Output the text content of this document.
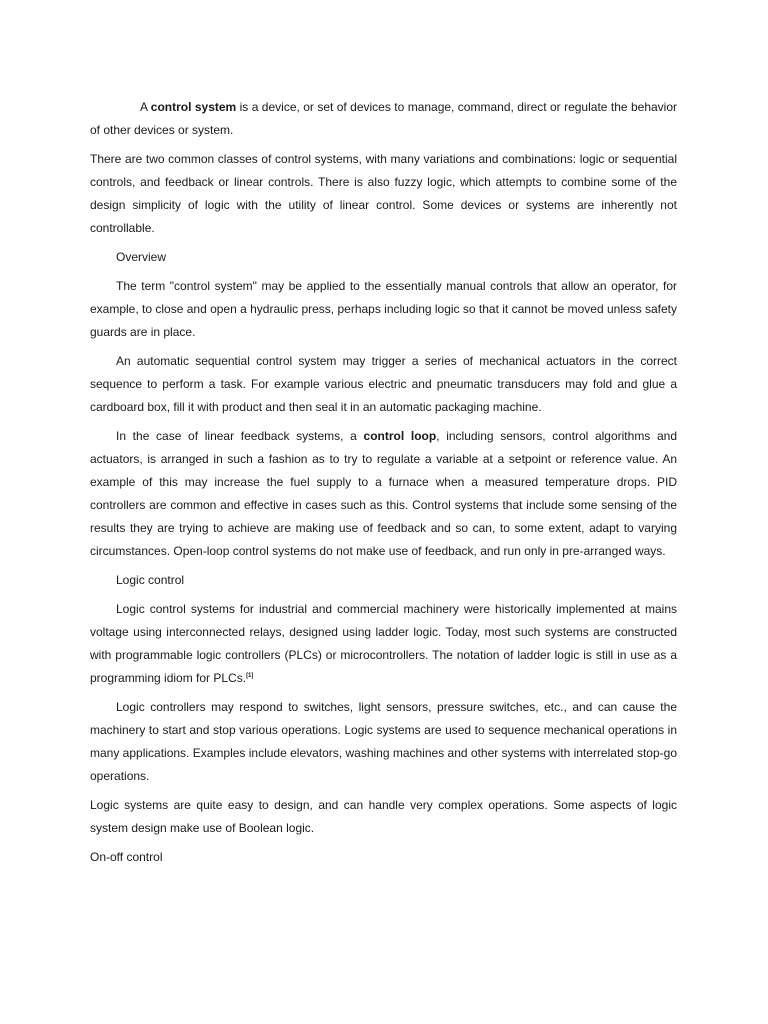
A control system is a device, or set of devices to manage, command, direct or regulate the behavior of other devices or system.

There are two common classes of control systems, with many variations and combinations: logic or sequential controls, and feedback or linear controls. There is also fuzzy logic, which attempts to combine some of the design simplicity of logic with the utility of linear control. Some devices or systems are inherently not controllable.

Overview

The term "control system" may be applied to the essentially manual controls that allow an operator, for example, to close and open a hydraulic press, perhaps including logic so that it cannot be moved unless safety guards are in place.

An automatic sequential control system may trigger a series of mechanical actuators in the correct sequence to perform a task. For example various electric and pneumatic transducers may fold and glue a cardboard box, fill it with product and then seal it in an automatic packaging machine.

In the case of linear feedback systems, a control loop, including sensors, control algorithms and actuators, is arranged in such a fashion as to try to regulate a variable at a setpoint or reference value. An example of this may increase the fuel supply to a furnace when a measured temperature drops. PID controllers are common and effective in cases such as this. Control systems that include some sensing of the results they are trying to achieve are making use of feedback and so can, to some extent, adapt to varying circumstances. Open-loop control systems do not make use of feedback, and run only in pre-arranged ways.

Logic control

Logic control systems for industrial and commercial machinery were historically implemented at mains voltage using interconnected relays, designed using ladder logic. Today, most such systems are constructed with programmable logic controllers (PLCs) or microcontrollers. The notation of ladder logic is still in use as a programming idiom for PLCs.[1]

Logic controllers may respond to switches, light sensors, pressure switches, etc., and can cause the machinery to start and stop various operations. Logic systems are used to sequence mechanical operations in many applications. Examples include elevators, washing machines and other systems with interrelated stop-go operations.

Logic systems are quite easy to design, and can handle very complex operations. Some aspects of logic system design make use of Boolean logic.

On-off control
